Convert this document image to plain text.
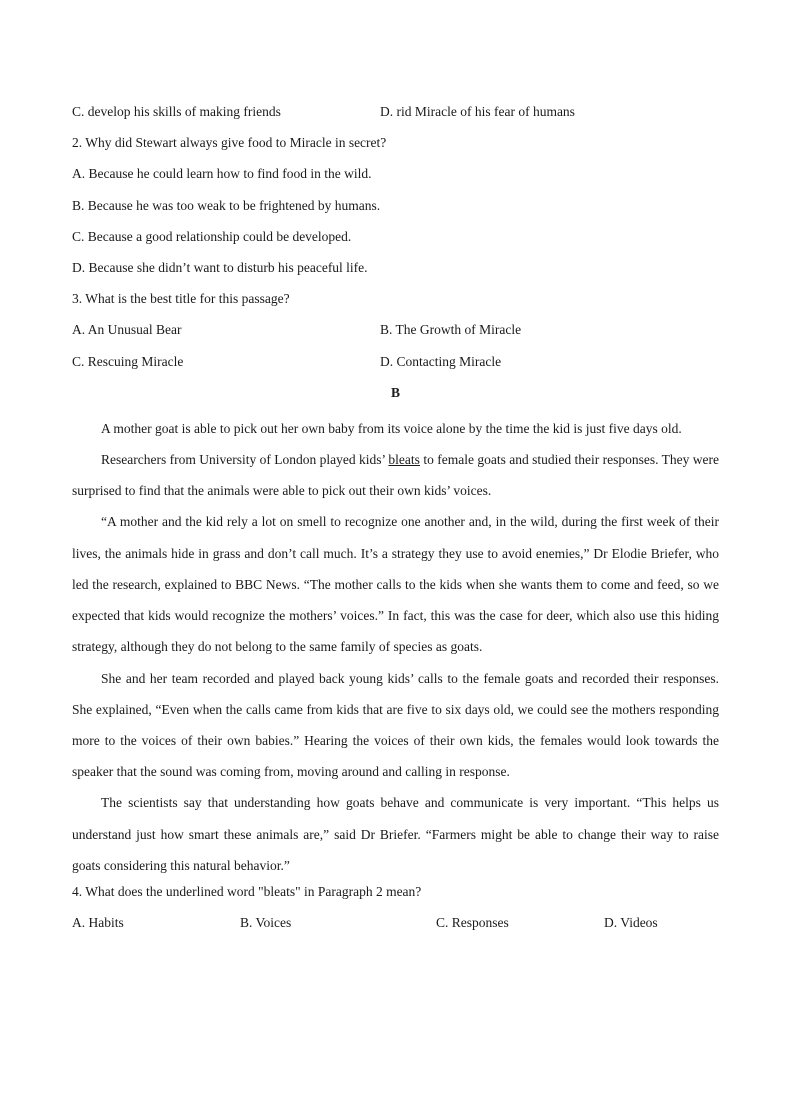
C. develop his skills of making friends	D. rid Miracle of his fear of humans
2. Why did Stewart always give food to Miracle in secret?
A. Because he could learn how to find food in the wild.
B. Because he was too weak to be frightened by humans.
C. Because a good relationship could be developed.
D. Because she didn’t want to disturb his peaceful life.
3. What is the best title for this passage?
A. An Unusual Bear	B. The Growth of Miracle
C. Rescuing Miracle	D. Contacting Miracle
B

A mother goat is able to pick out her own baby from its voice alone by the time the kid is just five days old.

Researchers from University of London played kids’ bleats to female goats and studied their responses. They were surprised to find that the animals were able to pick out their own kids’ voices.

“A mother and the kid rely a lot on smell to recognize one another and, in the wild, during the first week of their lives, the animals hide in grass and don’t call much. It’s a strategy they use to avoid enemies,” Dr Elodie Briefer, who led the research, explained to BBC News. “The mother calls to the kids when she wants them to come and feed, so we expected that kids would recognize the mothers’ voices.” In fact, this was the case for deer, which also use this hiding strategy, although they do not belong to the same family of species as goats.

She and her team recorded and played back young kids’ calls to the female goats and recorded their responses. She explained, “Even when the calls came from kids that are five to six days old, we could see the mothers responding more to the voices of their own babies.” Hearing the voices of their own kids, the females would look towards the speaker that the sound was coming from, moving around and calling in response.

The scientists say that understanding how goats behave and communicate is very important. “This helps us understand just how smart these animals are,” said Dr Briefer. “Farmers might be able to change their way to raise goats considering this natural behavior.”

4. What does the underlined word "bleats" in Paragraph 2 mean?
A. Habits	B. Voices	C. Responses	D. Videos
